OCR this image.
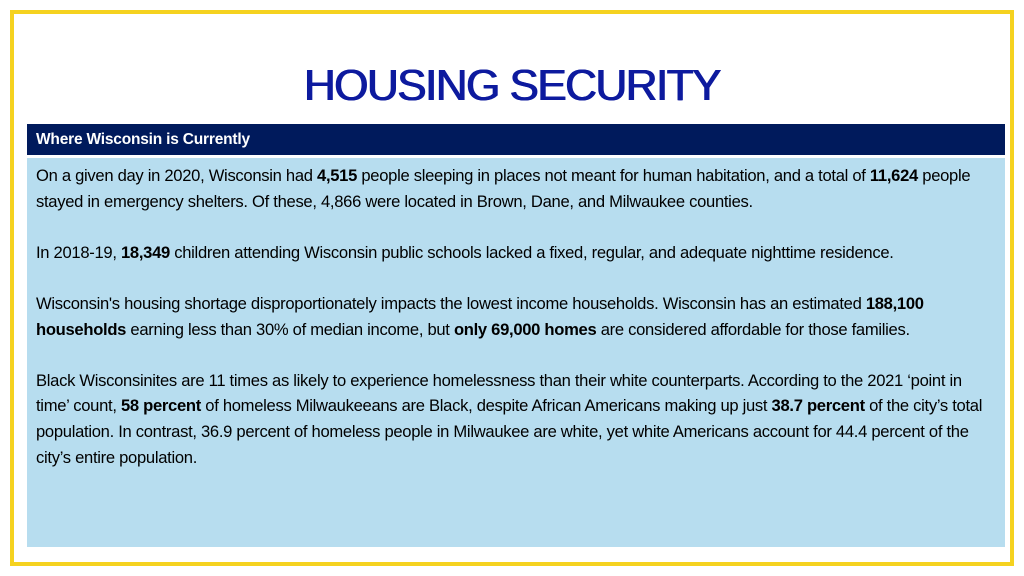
HOUSING SECURITY
Where Wisconsin is Currently

On a given day in 2020, Wisconsin had 4,515 people sleeping in places not meant for human habitation, and a total of 11,624 people stayed in emergency shelters. Of these, 4,866 were located in Brown, Dane, and Milwaukee counties.

In 2018-19, 18,349 children attending Wisconsin public schools lacked a fixed, regular, and adequate nighttime residence.

Wisconsin's housing shortage disproportionately impacts the lowest income households. Wisconsin has an estimated 188,100 households earning less than 30% of median income, but only 69,000 homes are considered affordable for those families.

Black Wisconsinites are 11 times as likely to experience homelessness than their white counterparts. According to the 2021 ‘point in time’ count, 58 percent of homeless Milwaukeeans are Black, despite African Americans making up just 38.7 percent of the city’s total population. In contrast, 36.9 percent of homeless people in Milwaukee are white, yet white Americans account for 44.4 percent of the city’s entire population.
